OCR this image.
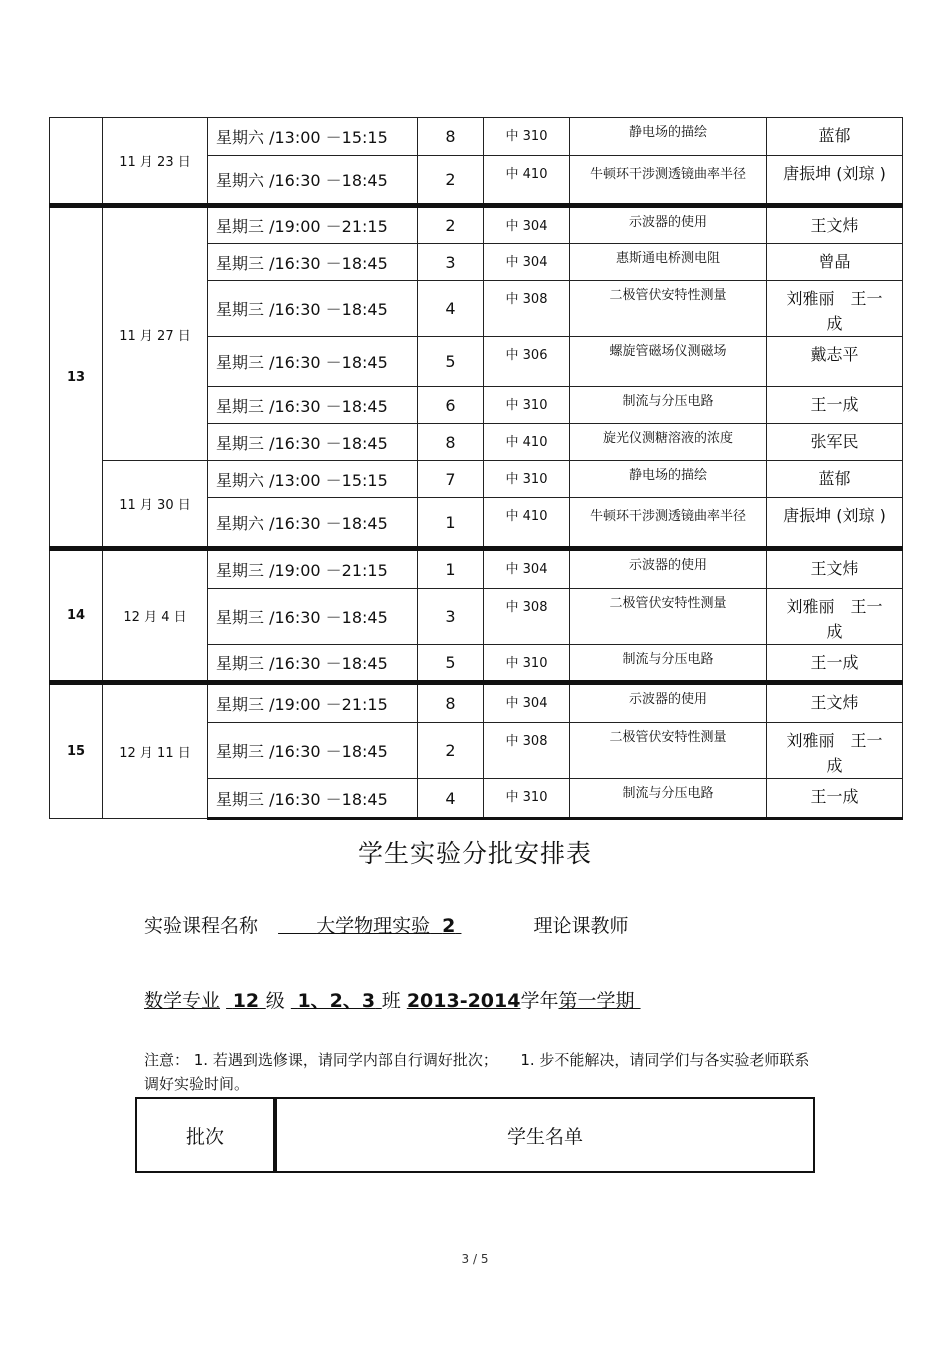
	11 月 23 日	星期六 /13:00 －15:15	8	中 310	静电场的描绘	蓝郁
		星期六 /16:30 －18:45	2	中 410	牛顿环干涉测透镜曲率半径	唐振坤 (刘琼 )
13	11 月 27 日	星期三 /19:00 －21:15	2	中 304	示波器的使用	王文炜
		星期三 /16:30 －18:45	3	中 304	惠斯通电桥测电阻	曾晶
		星期三 /16:30 －18:45	4	中 308	二极管伏安特性测量	刘雅丽　王一成
		星期三 /16:30 －18:45	5	中 306	螺旋管磁场仪测磁场	戴志平
		星期三 /16:30 －18:45	6	中 310	制流与分压电路	王一成
		星期三 /16:30 －18:45	8	中 410	旋光仪测糖溶液的浓度	张军民
	11 月 30 日	星期六 /13:00 －15:15	7	中 310	静电场的描绘	蓝郁
		星期六 /16:30 －18:45	1	中 410	牛顿环干涉测透镜曲率半径	唐振坤 (刘琼 )
14	12 月 4 日	星期三 /19:00 －21:15	1	中 304	示波器的使用	王文炜
		星期三 /16:30 －18:45	3	中 308	二极管伏安特性测量	刘雅丽　王一成
		星期三 /16:30 －18:45	5	中 310	制流与分压电路	王一成
15	12 月 11 日	星期三 /19:00 －21:15	8	中 304	示波器的使用	王文炜
		星期三 /16:30 －18:45	2	中 308	二极管伏安特性测量	刘雅丽　王一成
		星期三 /16:30 －18:45	4	中 310	制流与分压电路	王一成
学生实验分批安排表
实验课程名称   	大学物理实验 2	理论课教师
数学专业 12 级 1、2、3 班 2013-2014学年第一学期
注意： 1. 若遇到选修课，请同学内部自行调好批次；　　1. 步不能解决，请同学们与各实验老师联系调好实验时间。
批次	学生名单
3 / 5
